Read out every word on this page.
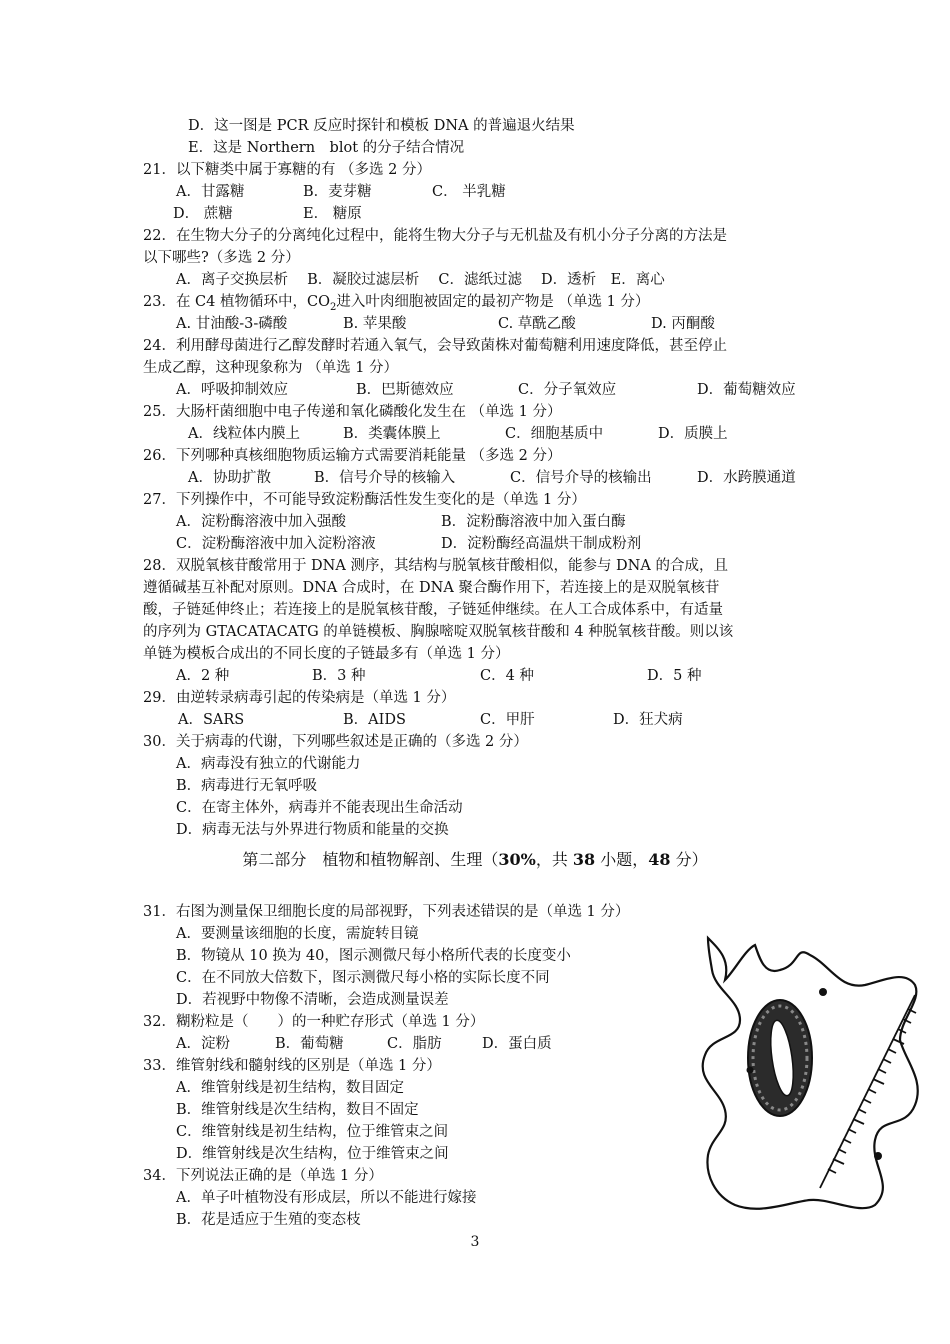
D．这一图是 PCR 反应时探针和模板 DNA 的普遍退火结果
E．这是 Northern　blot 的分子结合情况
21．以下糖类中属于寡糖的有 （多选 2 分）
A．甘露糖	B．麦芽糖	C． 半乳糖
D． 蔗糖	E． 糖原
22．在生物大分子的分离纯化过程中，能将生物大分子与无机盐及有机小分子分离的方法是
以下哪些?（多选 2 分）
A．离子交换层析　 B．凝胶过滤层析　 C．滤纸过滤　 D．透析　E．离心
23．在 C4 植物循环中，$CO_2$进入叶肉细胞被固定的最初产物是 （单选 1 分）
A. 甘油酸-3-磷酸	B. 苹果酸	C. 草酰乙酸	D. 丙酮酸
24．利用酵母菌进行乙醇发酵时若通入氧气，会导致菌株对葡萄糖利用速度降低，甚至停止
生成乙醇，这种现象称为 （单选 1 分）
A．呼吸抑制效应	B．巴斯德效应	C．分子氧效应	D．葡萄糖效应
25．大肠杆菌细胞中电子传递和氧化磷酸化发生在 （单选 1 分）
A．线粒体内膜上	B．类囊体膜上	C．细胞基质中	D．质膜上
26．下列哪种真核细胞物质运输方式需要消耗能量 （多选 2 分）
A．协助扩散	B．信号介导的核输入	C．信号介导的核输出	D．水跨膜通道
27．下列操作中，不可能导致淀粉酶活性发生变化的是（单选 1 分）
A．淀粉酶溶液中加入强酸	B．淀粉酶溶液中加入蛋白酶
C．淀粉酶溶液中加入淀粉溶液	D．淀粉酶经高温烘干制成粉剂
28．双脱氧核苷酸常用于 DNA 测序，其结构与脱氧核苷酸相似，能参与 DNA 的合成，且
遵循碱基互补配对原则。DNA 合成时，在 DNA 聚合酶作用下，若连接上的是双脱氧核苷
酸，子链延伸终止；若连接上的是脱氧核苷酸，子链延伸继续。在人工合成体系中，有适量
的序列为 GTACATACATG 的单链模板、胸腺嘧啶双脱氧核苷酸和 4 种脱氧核苷酸。则以该
单链为模板合成出的不同长度的子链最多有（单选 1 分）
A．2 种	B．3 种	C．4 种	D．5 种
29．由逆转录病毒引起的传染病是（单选 1 分）
A．SARS	B．AIDS	C．甲肝	D．狂犬病
30．关于病毒的代谢，下列哪些叙述是正确的（多选 2 分）
A．病毒没有独立的代谢能力
B．病毒进行无氧呼吸
C．在寄主体外，病毒并不能表现出生命活动
D．病毒无法与外界进行物质和能量的交换
第二部分　植物和植物解剖、生理（30%，共 38 小题，48 分）
31．右图为测量保卫细胞长度的局部视野，下列表述错误的是（单选 1 分）
A．要测量该细胞的长度，需旋转目镜
B．物镜从 10 换为 40，图示测微尺每小格所代表的长度变小
C．在不同放大倍数下，图示测微尺每小格的实际长度不同
D．若视野中物像不清晰，会造成测量误差
32．糊粉粒是（　　）的一种贮存形式（单选 1 分）
A．淀粉	B．葡萄糖	C．脂肪	D．蛋白质
33．维管射线和髓射线的区别是（单选 1 分）
A．维管射线是初生结构，数目固定
B．维管射线是次生结构，数目不固定
C．维管射线是初生结构，位于维管束之间
D．维管射线是次生结构，位于维管束之间
34．下列说法正确的是（单选 1 分）
A．单子叶植物没有形成层，所以不能进行嫁接
B．花是适应于生殖的变态枝
3
